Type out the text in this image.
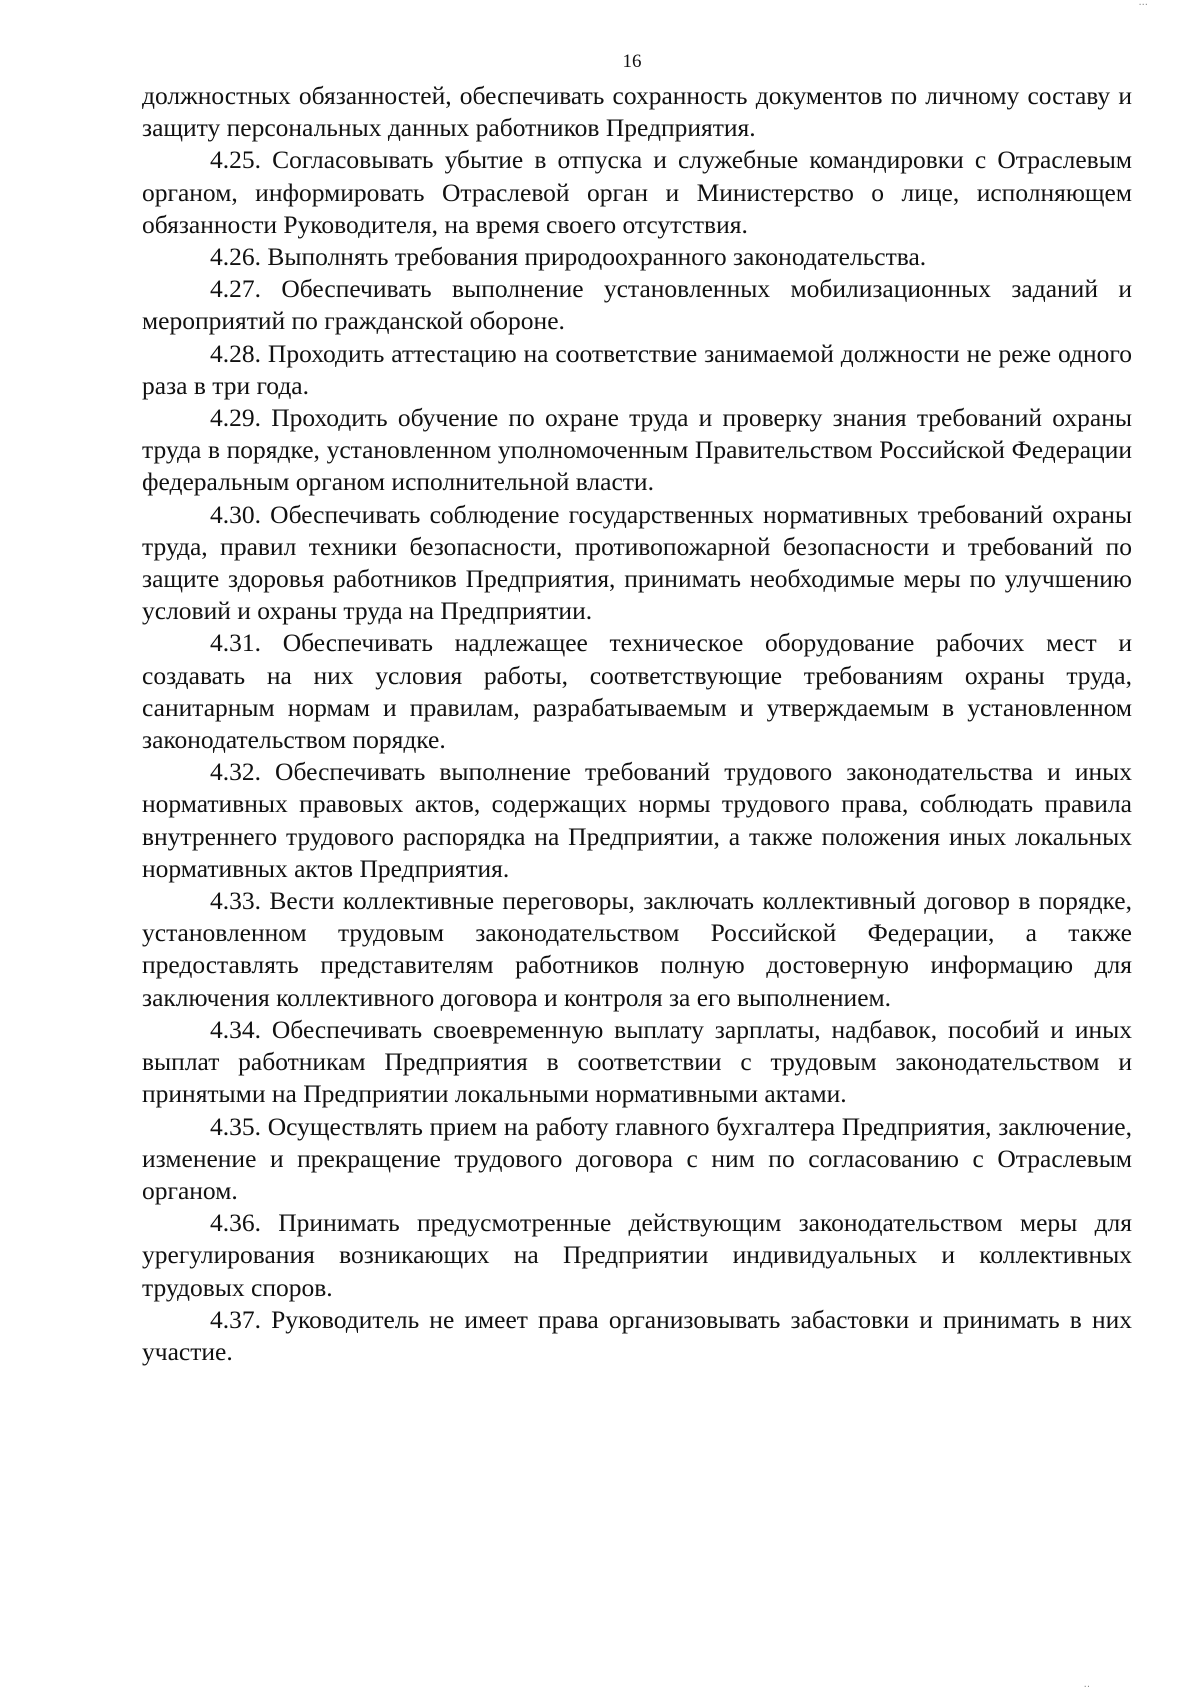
16

должностных обязанностей, обеспечивать сохранность документов по личному составу и защиту персональных данных работников Предприятия.

4.25. Согласовывать убытие в отпуска и служебные командировки с Отраслевым органом, информировать Отраслевой орган и Министерство о лице, исполняющем обязанности Руководителя, на время своего отсутствия.

4.26. Выполнять требования природоохранного законодательства.

4.27. Обеспечивать выполнение установленных мобилизационных заданий и мероприятий по гражданской обороне.

4.28. Проходить аттестацию на соответствие занимаемой должности не реже одного раза в три года.

4.29. Проходить обучение по охране труда и проверку знания требований охраны труда в порядке, установленном уполномоченным Правительством Российской Федерации федеральным органом исполнительной власти.

4.30. Обеспечивать соблюдение государственных нормативных требований охраны труда, правил техники безопасности, противопожарной безопасности и требований по защите здоровья работников Предприятия, принимать необходимые меры по улучшению условий и охраны труда на Предприятии.

4.31. Обеспечивать надлежащее техническое оборудование рабочих мест и создавать на них условия работы, соответствующие требованиям охраны труда, санитарным нормам и правилам, разрабатываемым и утверждаемым в установленном законодательством порядке.

4.32. Обеспечивать выполнение требований трудового законодательства и иных нормативных правовых актов, содержащих нормы трудового права, соблюдать правила внутреннего трудового распорядка на Предприятии, а также положения иных локальных нормативных актов Предприятия.

4.33. Вести коллективные переговоры, заключать коллективный договор в порядке, установленном трудовым законодательством Российской Федерации, а также предоставлять представителям работников полную достоверную информацию для заключения коллективного договора и контроля за его выполнением.

4.34. Обеспечивать своевременную выплату зарплаты, надбавок, пособий и иных выплат работникам Предприятия в соответствии с трудовым законодательством и принятыми на Предприятии локальными нормативными актами.

4.35. Осуществлять прием на работу главного бухгалтера Предприятия, заключение, изменение и прекращение трудового договора с ним по согласованию с Отраслевым органом.

4.36. Принимать предусмотренные действующим законодательством меры для урегулирования возникающих на Предприятии индивидуальных и коллективных трудовых споров.

4.37. Руководитель не имеет права организовывать забастовки и принимать в них участие.

‧‧‧
‧‧
